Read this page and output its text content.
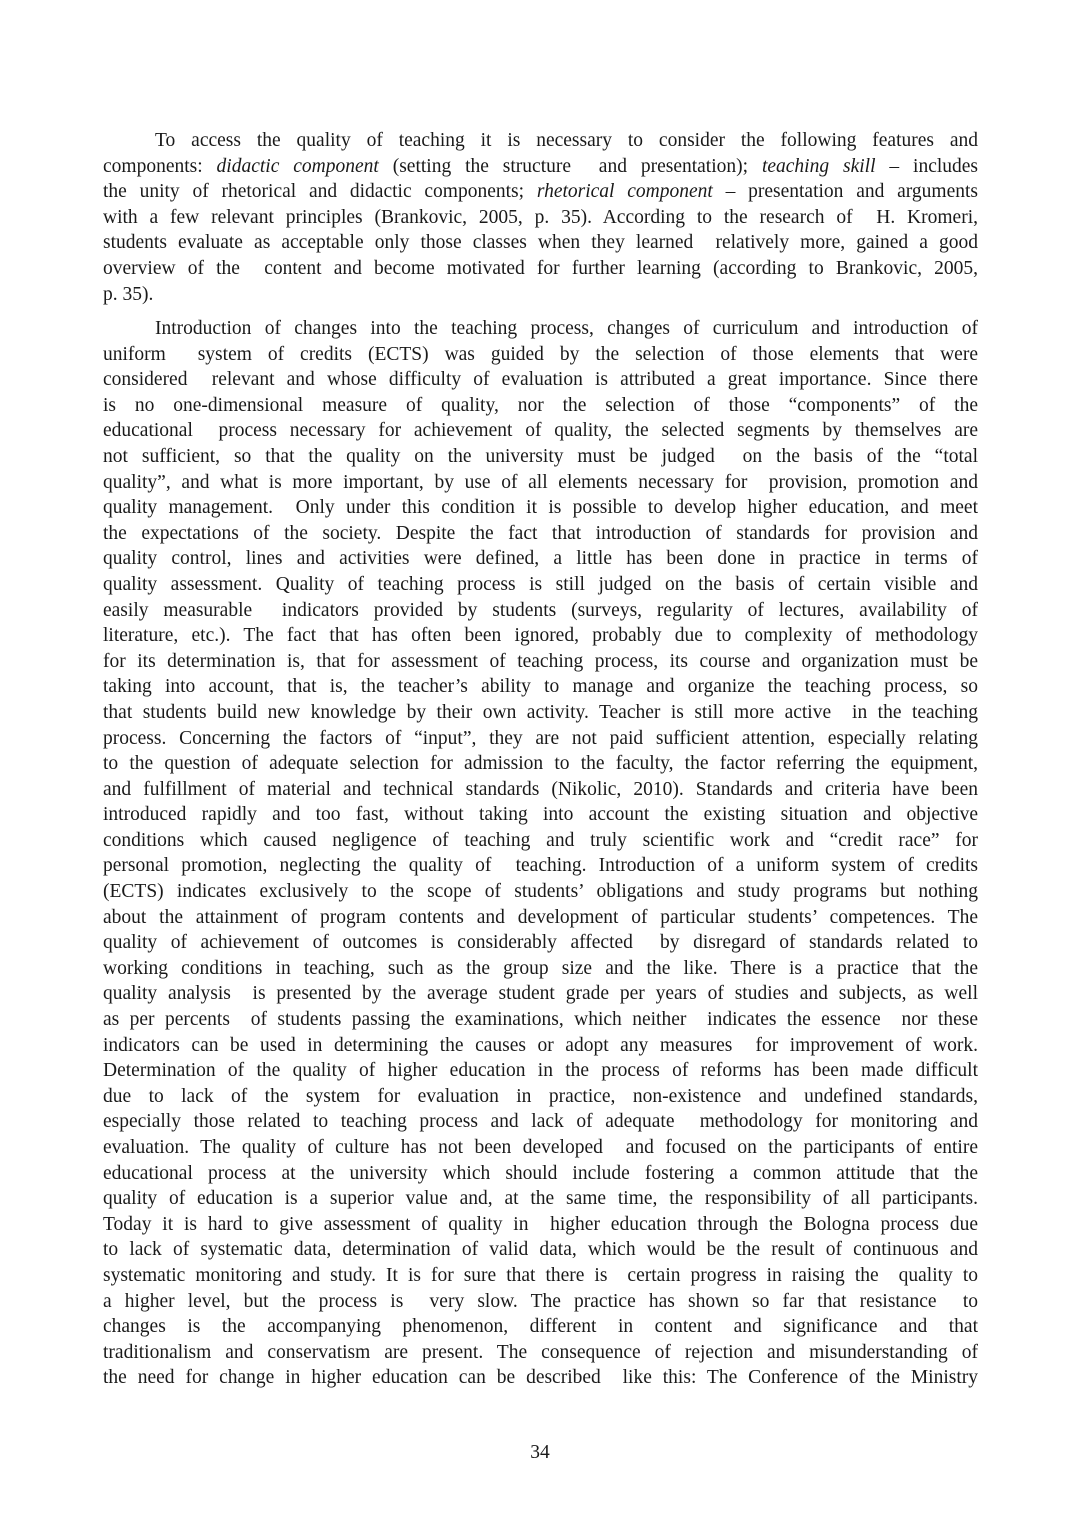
To access the quality of teaching it is necessary to consider the following features and
components: didactic component (setting the structure  and presentation); teaching skill – includes
the unity of rhetorical and didactic components; rhetorical component – presentation and arguments
with a few relevant principles (Brankovic, 2005, p. 35). According to the research of  H. Kromeri,
students evaluate as acceptable only those classes when they learned  relatively more, gained a good
overview of the  content and become motivated for further learning (according to Brankovic, 2005,
p. 35).
Introduction of changes into the teaching process, changes of curriculum and introduction of
uniform  system of credits (ECTS) was guided by the selection of those elements that were
considered  relevant and whose difficulty of evaluation is attributed a great importance. Since there
is no one-dimensional measure of quality, nor the selection of those “components” of the
educational  process necessary for achievement of quality, the selected segments by themselves are
not sufficient, so that the quality on the university must be judged  on the basis of the “total
quality”, and what is more important, by use of all elements necessary for  provision, promotion and
quality management.  Only under this condition it is possible to develop higher education, and meet
the expectations of the society. Despite the fact that introduction of standards for provision and
quality control, lines and activities were defined, a little has been done in practice in terms of
quality assessment. Quality of teaching process is still judged on the basis of certain visible and
easily measurable  indicators provided by students (surveys, regularity of lectures, availability of
literature, etc.). The fact that has often been ignored, probably due to complexity of methodology
for its determination is, that for assessment of teaching process, its course and organization must be
taking into account, that is, the teacher’s ability to manage and organize the teaching process, so
that students build new knowledge by their own activity. Teacher is still more active  in the teaching
process. Concerning the factors of “input”, they are not paid sufficient attention, especially relating
to the question of adequate selection for admission to the faculty, the factor referring the equipment,
and fulfillment of material and technical standards (Nikolic, 2010). Standards and criteria have been
introduced rapidly and too fast, without taking into account the existing situation and objective
conditions which caused negligence of teaching and truly scientific work and “credit race” for
personal promotion, neglecting the quality of  teaching. Introduction of a uniform system of credits
(ECTS) indicates exclusively to the scope of students’ obligations and study programs but nothing
about the attainment of program contents and development of particular students’ competences. The
quality of achievement of outcomes is considerably affected  by disregard of standards related to
working conditions in teaching, such as the group size and the like. There is a practice that the
quality analysis  is presented by the average student grade per years of studies and subjects, as well
as per percents  of students passing the examinations, which neither  indicates the essence  nor these
indicators can be used in determining the causes or adopt any measures  for improvement of work.
Determination of the quality of higher education in the process of reforms has been made difficult
due to lack of the system for evaluation in practice, non-existence and undefined standards,
especially those related to teaching process and lack of adequate  methodology for monitoring and
evaluation. The quality of culture has not been developed  and focused on the participants of entire
educational process at the university which should include fostering a common attitude that the
quality of education is a superior value and, at the same time, the responsibility of all participants.
Today it is hard to give assessment of quality in  higher education through the Bologna process due
to lack of systematic data, determination of valid data, which would be the result of continuous and
systematic monitoring and study. It is for sure that there is  certain progress in raising the  quality to
a higher level, but the process is  very slow. The practice has shown so far that resistance  to
changes is the accompanying phenomenon, different in content and significance and that
traditionalism and conservatism are present. The consequence of rejection and misunderstanding of
the need for change in higher education can be described  like this: The Conference of the Ministry
34
